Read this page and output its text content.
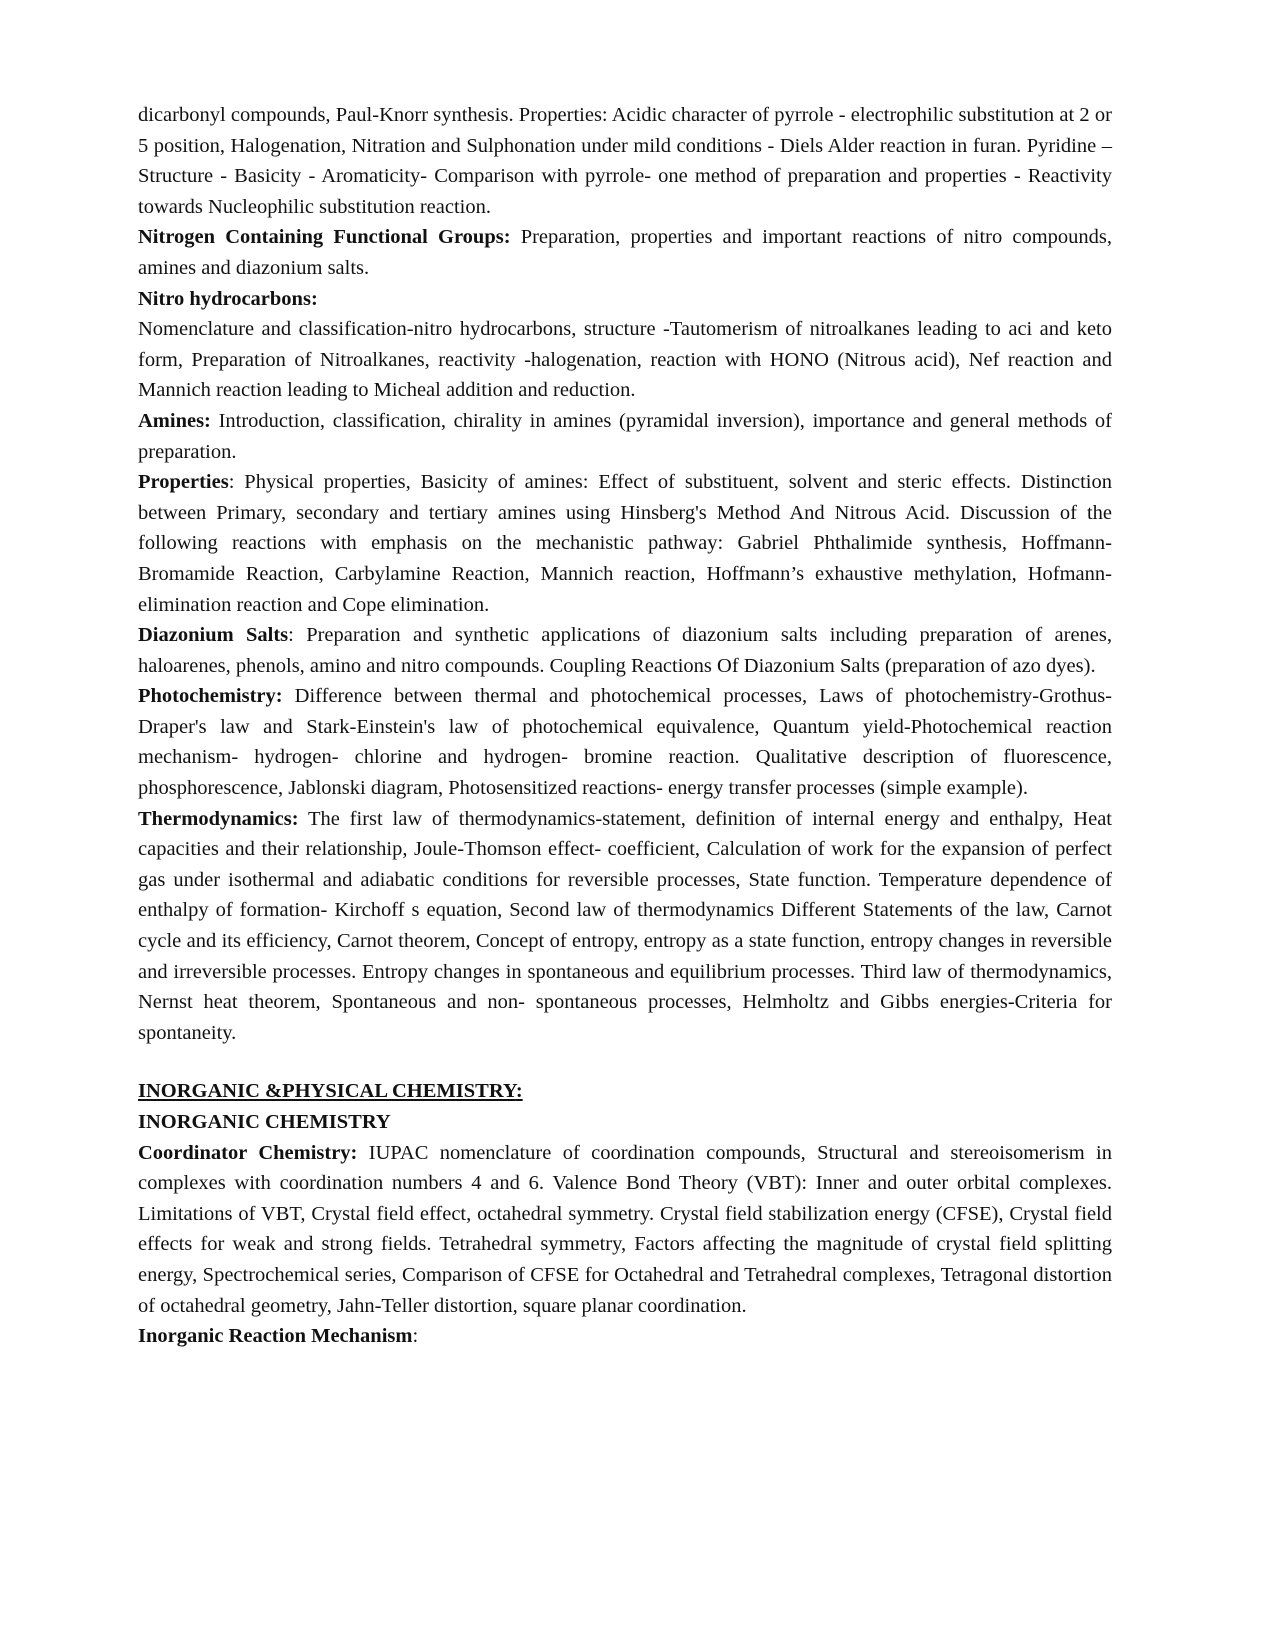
dicarbonyl compounds, Paul-Knorr synthesis. Properties: Acidic character of pyrrole - electrophilic substitution at 2 or 5 position, Halogenation, Nitration and Sulphonation under mild conditions - Diels Alder reaction in furan. Pyridine – Structure - Basicity - Aromaticity- Comparison with pyrrole- one method of preparation and properties - Reactivity towards Nucleophilic substitution reaction.

Nitrogen Containing Functional Groups: Preparation, properties and important reactions of nitro compounds, amines and diazonium salts.

Nitro hydrocarbons:

Nomenclature and classification-nitro hydrocarbons, structure -Tautomerism of nitroalkanes leading to aci and keto form, Preparation of Nitroalkanes, reactivity -halogenation, reaction with HONO (Nitrous acid), Nef reaction and Mannich reaction leading to Micheal addition and reduction.

Amines: Introduction, classification, chirality in amines (pyramidal inversion), importance and general methods of preparation.

Properties: Physical properties, Basicity of amines: Effect of substituent, solvent and steric effects. Distinction between Primary, secondary and tertiary amines using Hinsberg's Method And Nitrous Acid. Discussion of the following reactions with emphasis on the mechanistic pathway: Gabriel Phthalimide synthesis, Hoffmann- Bromamide Reaction, Carbylamine Reaction, Mannich reaction, Hoffmann’s exhaustive methylation, Hofmann-elimination reaction and Cope elimination.

Diazonium Salts: Preparation and synthetic applications of diazonium salts including preparation of arenes, haloarenes, phenols, amino and nitro compounds. Coupling Reactions Of Diazonium Salts (preparation of azo dyes).

Photochemistry: Difference between thermal and photochemical processes, Laws of photochemistry-Grothus- Draper's law and Stark-Einstein's law of photochemical equivalence, Quantum yield-Photochemical reaction mechanism- hydrogen- chlorine and hydrogen- bromine reaction. Qualitative description of fluorescence, phosphorescence, Jablonski diagram, Photosensitized reactions- energy transfer processes (simple example).

Thermodynamics: The first law of thermodynamics-statement, definition of internal energy and enthalpy, Heat capacities and their relationship, Joule-Thomson effect- coefficient, Calculation of work for the expansion of perfect gas under isothermal and adiabatic conditions for reversible processes, State function. Temperature dependence of enthalpy of formation- Kirchoff s equation, Second law of thermodynamics Different Statements of the law, Carnot cycle and its efficiency, Carnot theorem, Concept of entropy, entropy as a state function, entropy changes in reversible and irreversible processes. Entropy changes in spontaneous and equilibrium processes. Third law of thermodynamics, Nernst heat theorem, Spontaneous and non- spontaneous processes, Helmholtz and Gibbs energies-Criteria for spontaneity.

INORGANIC &PHYSICAL CHEMISTRY:

INORGANIC CHEMISTRY

Coordinator Chemistry: IUPAC nomenclature of coordination compounds, Structural and stereoisomerism in complexes with coordination numbers 4 and 6. Valence Bond Theory (VBT): Inner and outer orbital complexes. Limitations of VBT, Crystal field effect, octahedral symmetry. Crystal field stabilization energy (CFSE), Crystal field effects for weak and strong fields. Tetrahedral symmetry, Factors affecting the magnitude of crystal field splitting energy, Spectrochemical series, Comparison of CFSE for Octahedral and Tetrahedral complexes, Tetragonal distortion of octahedral geometry, Jahn-Teller distortion, square planar coordination.

Inorganic Reaction Mechanism:
